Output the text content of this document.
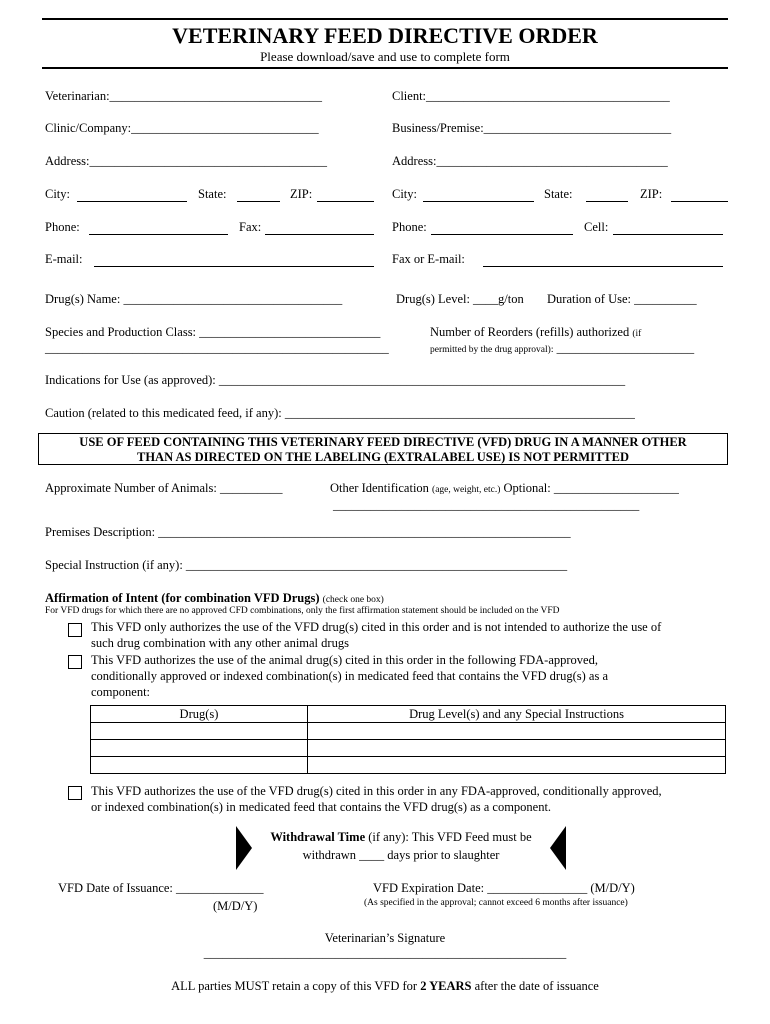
VETERINARY FEED DIRECTIVE ORDER
Please download/save and use to complete form
Veterinarian:__________________________________
Clinic/Company:______________________________
Address:______________________________________
City:	State:	ZIP:
Phone:	Fax:
E-mail:
Client:_______________________________________
Business/Premise:______________________________
Address:_____________________________________
City:	State:	ZIP:
Phone:	Cell:
Fax or E-mail:
Drug(s) Name: ___________________________________	Drug(s) Level: ____g/ton Duration of Use: __________
Species and Production Class: _____________________________
_______________________________________________________
Number of Reorders (refills) authorized (if
permitted by the drug approval): ______________________
Indications for Use (as approved): _________________________________________________________________
Caution (related to this medicated feed, if any): ________________________________________________________
USE OF FEED CONTAINING THIS VETERINARY FEED DIRECTIVE (VFD) DRUG IN A MANNER OTHER
THAN AS DIRECTED ON THE LABELING (EXTRALABEL USE) IS NOT PERMITTED
Approximate Number of Animals: __________	Other Identification (age, weight, etc.) Optional: ____________________
_________________________________________________
Premises Description: __________________________________________________________________
Special Instruction (if any): _____________________________________________________________
Affirmation of Intent (for combination VFD Drugs) (check one box)
For VFD drugs for which there are no approved CFD combinations, only the first affirmation statement should be included on the VFD
This VFD only authorizes the use of the VFD drug(s) cited in this order and is not intended to authorize the use of
such drug combination with any other animal drugs
This VFD authorizes the use of the animal drug(s) cited in this order in the following FDA-approved,
conditionally approved or indexed combination(s) in medicated feed that contains the VFD drug(s) as a
component:
Drug(s)	Drug Level(s) and any Special Instructions

This VFD authorizes the use of the VFD drug(s) cited in this order in any FDA-approved, conditionally approved,
or indexed combination(s) in medicated feed that contains the VFD drug(s) as a component.
Withdrawal Time (if any): This VFD Feed must be
withdrawn ____ days prior to slaughter
VFD Date of Issuance: ______________
(M/D/Y)
VFD Expiration Date: ________________ (M/D/Y)
(As specified in the approval; cannot exceed 6 months after issuance)
Veterinarian’s Signature
__________________________________________________________
ALL parties MUST retain a copy of this VFD for 2 YEARS after the date of issuance
